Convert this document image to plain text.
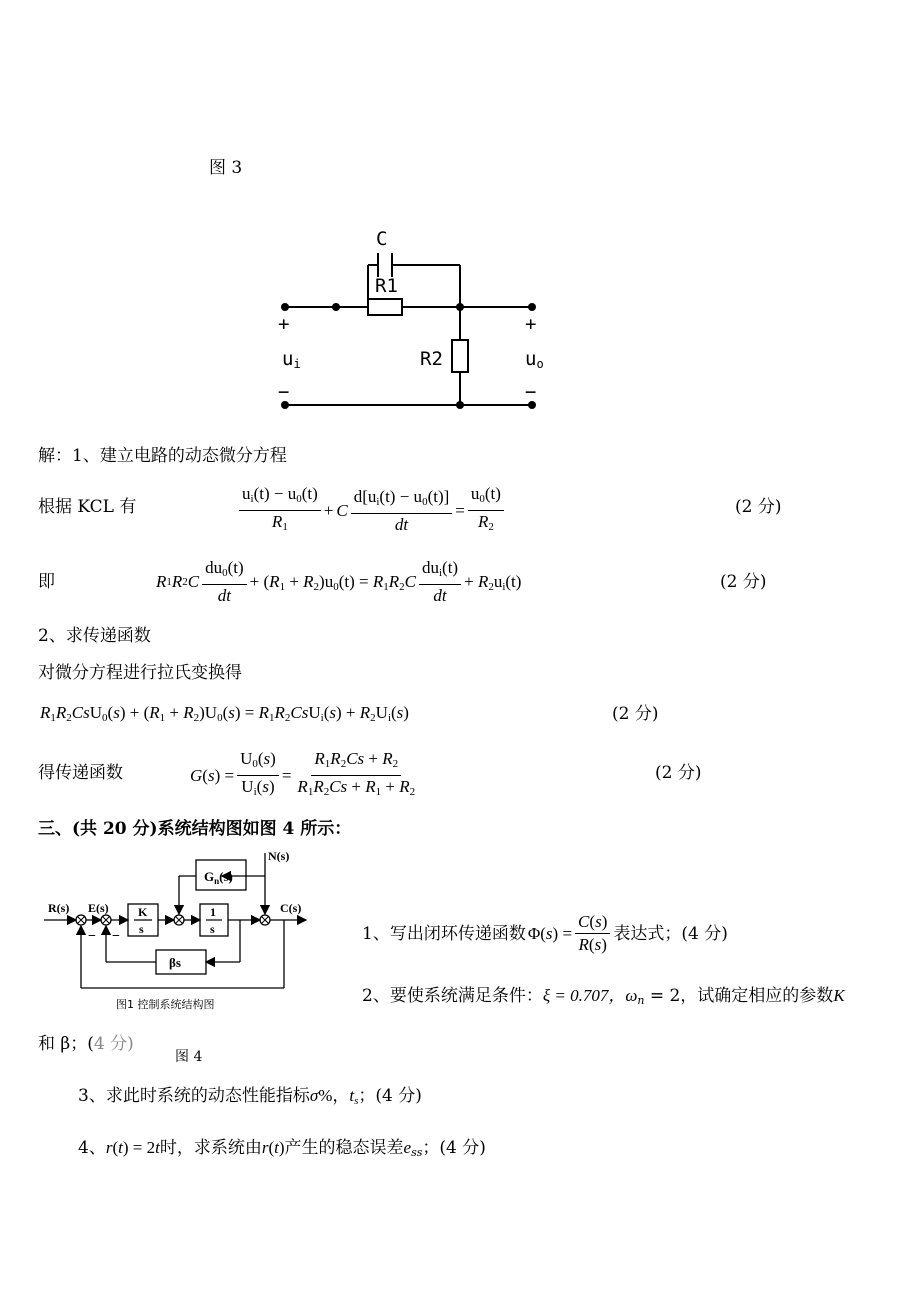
图 3
C
R1
R2
+
−
+
−
ui	uo
解：1、建立电路的动态微分方程
根据 KCL 有	$\frac{u_i(t) - u_0(t)}{R_1} + C \frac{d[u_i(t) - u_0(t)]}{dt} = \frac{u_0(t)}{R_2}$	(2 分)
即	R 1 R 2 C $\frac{du_0(t)}{dt} + (R_1 + R_2)u_0(t) = R_1R_2C \frac{du_i(t)}{dt} + R_2u_i(t)$	(2 分)
2、求传递函数
对微分方程进行拉氏变换得
$R_1R_2CsU_0(s) + (R_1 + R_2)U_0(s) = R_1R_2CsU_i(s) + R_2U_i(s)$	(2 分)
得传递函数	G $(s) = \frac{U_0(s)}{U_i(s)} = \frac{R_1R_2Cs + R_2}{R_1R_2Cs + R_1 + R_2}$	(2 分)
三、(共 20 分)系统结构图如图 4 所示：
R(s) E(s)
N(s)
C(s)
K
s
1
s
$G_n(s)$
βs
− −
图1 控制系统结构图
1、写出闭环传递函数 $\Phi(s) = \frac{C(s)}{R(s)}$ 表达式；(4 分)
2、要使系统满足条件：ξ = 0.707，$\omega_n = 2$，试确定相应的参数K
和 β；(4 分)
图 4
3、求此时系统的动态性能指标σ%，$t_s$；(4 分)
4、r(t) = 2t时，求系统由r(t)产生的稳态误差$e_{ss}$；(4 分)
